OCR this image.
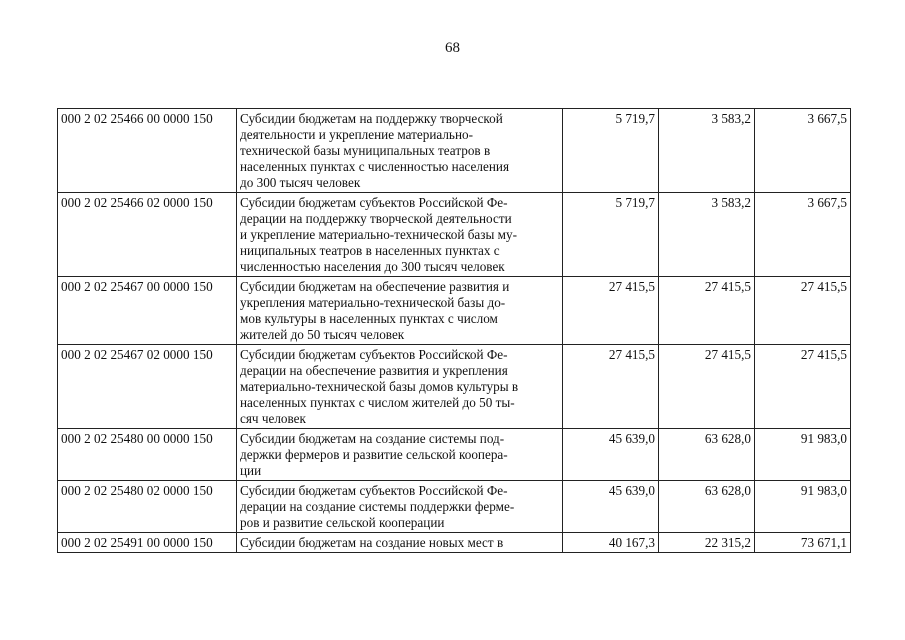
68
000 2 02 25466 00 0000 150	Субсидии бюджетам на поддержку творческой
деятельности и укрепление материально-
технической базы муниципальных театров в
населенных пунктах с численностью населения
до 300 тысяч человек	5 719,7	3 583,2	3 667,5
000 2 02 25466 02 0000 150	Субсидии бюджетам субъектов Российской Фе-
дерации на поддержку творческой деятельности
и укрепление материально-технической базы му-
ниципальных театров в населенных пунктах с
численностью населения до 300 тысяч человек	5 719,7	3 583,2	3 667,5
000 2 02 25467 00 0000 150	Субсидии бюджетам на обеспечение развития и
укрепления материально-технической базы до-
мов культуры в населенных пунктах с числом
жителей до 50 тысяч человек	27 415,5	27 415,5	27 415,5
000 2 02 25467 02 0000 150	Субсидии бюджетам субъектов Российской Фе-
дерации на обеспечение развития и укрепления
материально-технической базы домов культуры в
населенных пунктах с числом жителей до 50 ты-
сяч человек	27 415,5	27 415,5	27 415,5
000 2 02 25480 00 0000 150	Субсидии бюджетам на создание системы под-
держки фермеров и развитие сельской коопера-
ции	45 639,0	63 628,0	91 983,0
000 2 02 25480 02 0000 150	Субсидии бюджетам субъектов Российской Фе-
дерации на создание системы поддержки ферме-
ров и развитие сельской кооперации	45 639,0	63 628,0	91 983,0
000 2 02 25491 00 0000 150	Субсидии бюджетам на создание новых мест в	40 167,3	22 315,2	73 671,1
